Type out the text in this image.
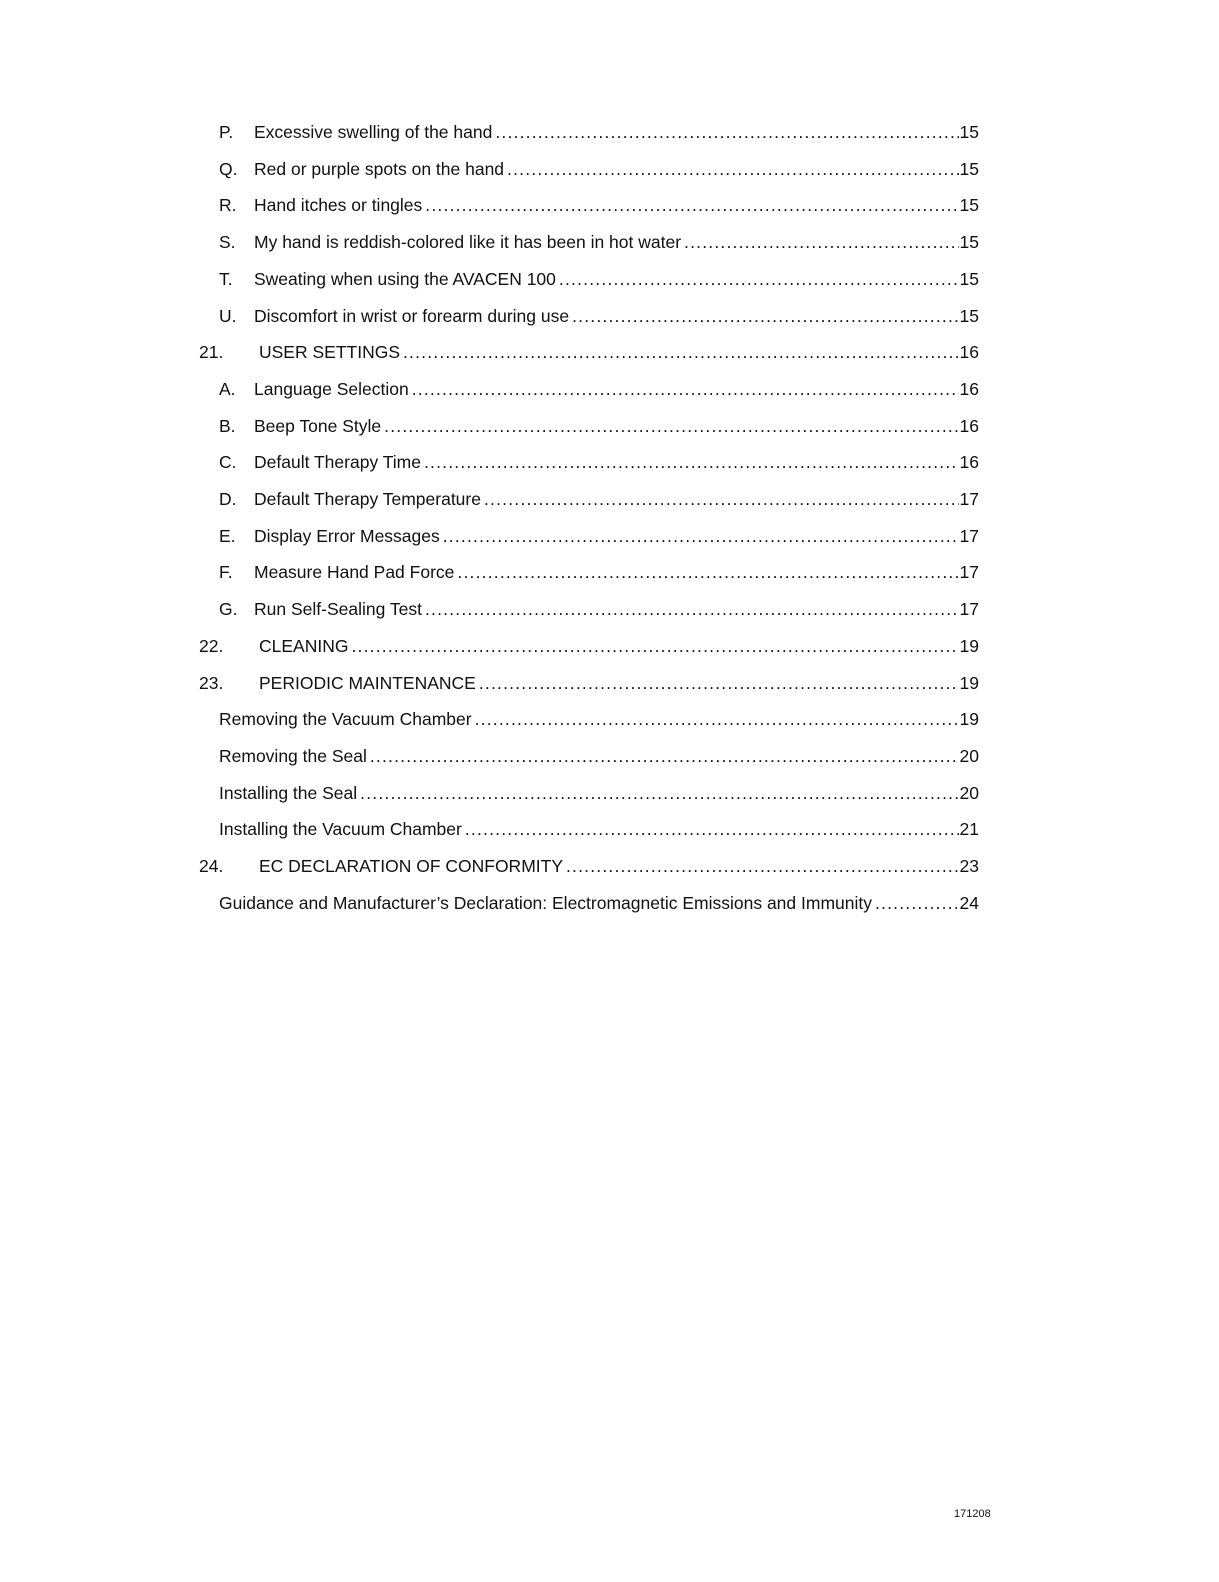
P. Excessive swelling of the hand .....	15
Q. Red or purple spots on the hand .....	15
R. Hand itches or tingles .....	15
S. My hand is reddish-colored like it has been in hot water .....	15
T. Sweating when using the AVACEN 100 .....	15
U. Discomfort in wrist or forearm during use .....	15
21. USER SETTINGS .....	16
A. Language Selection .....	16
B. Beep Tone Style .....	16
C. Default Therapy Time .....	16
D. Default Therapy Temperature .....	17
E. Display Error Messages .....	17
F. Measure Hand Pad Force .....	17
G. Run Self-Sealing Test .....	17
22. CLEANING .....	19
23. PERIODIC MAINTENANCE .....	19
Removing the Vacuum Chamber .....	19
Removing the Seal .....	20
Installing the Seal .....	20
Installing the Vacuum Chamber .....	21
24. EC DECLARATION OF CONFORMITY .....	23
Guidance and Manufacturer’s Declaration: Electromagnetic Emissions and Immunity .....	24
171208
